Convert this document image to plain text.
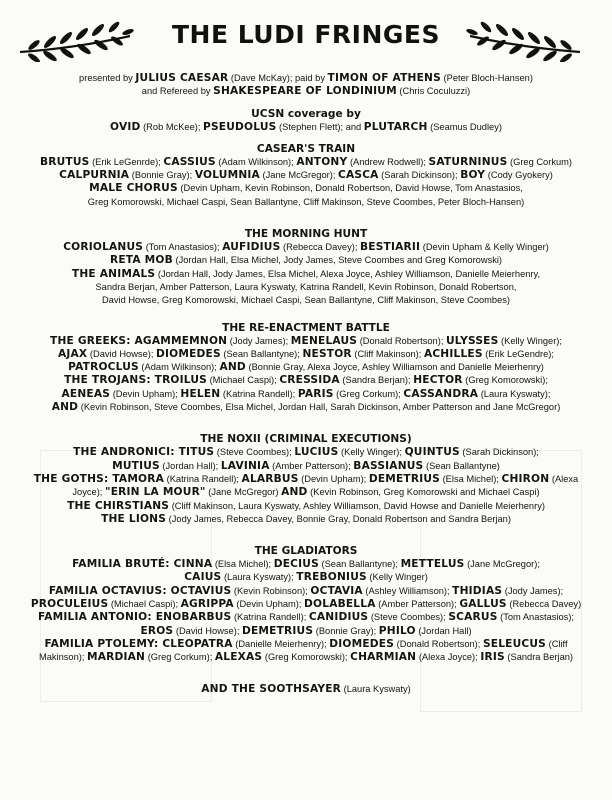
THE LUDI FRINGES
presented by JULIUS CAESAR (Dave McKay); paid by TIMON OF ATHENS (Peter Bloch-Hansen)
and Refereed by SHAKESPEARE OF LONDINIUM (Chris Coculuzzi)
UCSN coverage by
OVID (Rob McKee); PSEUDOLUS (Stephen Flett); and PLUTARCH (Seamus Dudley)
CASEAR'S TRAIN
BRUTUS (Erik LeGenrde); CASSIUS (Adam Wilkinson); ANTONY (Andrew Rodwell); SATURNINUS (Greg Corkum)
CALPURNIA (Bonnie Gray); VOLUMNIA (Jane McGregor); CASCA (Sarah Dickinson); BOY (Cody Gyokery)
MALE CHORUS (Devin Upham, Kevin Robinson, Donald Robertson, David Howse, Tom Anastasios,
Greg Komorowski, Michael Caspi, Sean Ballantyne, Cliff Makinson, Steve Coombes, Peter Bloch-Hansen)
THE MORNING HUNT
CORIOLANUS (Tom Anastasios); AUFIDIUS (Rebecca Davey); BESTIARII (Devin Upham & Kelly Winger)
RETA MOB (Jordan Hall, Elsa Michel, Jody James, Steve Coombes and Greg Komorowski)
THE ANIMALS (Jordan Hall, Jody James, Elsa Michel, Alexa Joyce, Ashley Williamson, Danielle Meierhenry,
Sandra Berjan, Amber Patterson, Laura Kyswaty, Katrina Randell, Kevin Robinson, Donald Robertson,
David Howse, Greg Komorowski, Michael Caspi, Sean Ballantyne, Cliff Makinson, Steve Coombes)
THE RE-ENACTMENT BATTLE
THE GREEKS: AGAMMEMNON (Jody James); MENELAUS (Donald Robertson); ULYSSES (Kelly Winger);
AJAX (David Howse); DIOMEDES (Sean Ballantyne); NESTOR (Cliff Makinson); ACHILLES (Erik LeGendre);
PATROCLUS (Adam Wilkinson); AND (Bonnie Gray, Alexa Joyce, Ashley Williamson and Danielle Meierhenry)
THE TROJANS: TROILUS (Michael Caspi); CRESSIDA (Sandra Berjan); HECTOR (Greg Komorowski);
AENEAS (Devin Upham); HELEN (Katrina Randell); PARIS (Greg Corkum); CASSANDRA (Laura Kyswaty);
AND (Kevin Robinson, Steve Coombes, Elsa Michel, Jordan Hall, Sarah Dickinson, Amber Patterson and Jane McGregor)
THE NOXII (CRIMINAL EXECUTIONS)
THE ANDRONICI: TITUS (Steve Coombes); LUCIUS (Kelly Winger); QUINTUS (Sarah Dickinson);
MUTIUS (Jordan Hall); LAVINIA (Amber Patterson); BASSIANUS (Sean Ballantyne)
THE GOTHS: TAMORA (Katrina Randell); ALARBUS (Devin Upham); DEMETRIUS (Elsa Michel); CHIRON (Alexa
Joyce); "ERIN LA MOUR" (Jane McGregor) AND (Kevin Robinson, Greg Komorowski and Michael Caspi)
THE CHIRSTIANS (Cliff Makinson, Laura Kyswaty, Ashley Williamson, David Howse and Danielle Meierhenry)
THE LIONS (Jody James, Rebecca Davey, Bonnie Gray, Donald Robertson and Sandra Berjan)
THE GLADIATORS
FAMILIA BRUTÉ: CINNA (Elsa Michel); DECIUS (Sean Ballantyne); METTELUS (Jane McGregor);
CAIUS (Laura Kyswaty); TREBONIUS (Kelly Winger)
FAMILIA OCTAVIUS: OCTAVIUS (Kevin Robinson); OCTAVIA (Ashley Williamson); THIDIAS (Jody James);
PROCULEIUS (Michael Caspi); AGRIPPA (Devin Upham); DOLABELLA (Amber Patterson); GALLUS (Rebecca Davey)
FAMILIA ANTONIO: ENOBARBUS (Katrina Randell); CANIDIUS (Steve Coombes); SCARUS (Tom Anastasios);
EROS (David Howse); DEMETRIUS (Bonnie Gray); PHILO (Jordan Hall)
FAMILIA PTOLEMY: CLEOPATRA (Danielle Meierhenry); DIOMEDES (Donald Robertson); SELEUCUS (Cliff
Makinson); MARDIAN (Greg Corkum); ALEXAS (Greg Komorowski); CHARMIAN (Alexa Joyce); IRIS (Sandra Berjan)
AND THE SOOTHSAYER (Laura Kyswaty)
